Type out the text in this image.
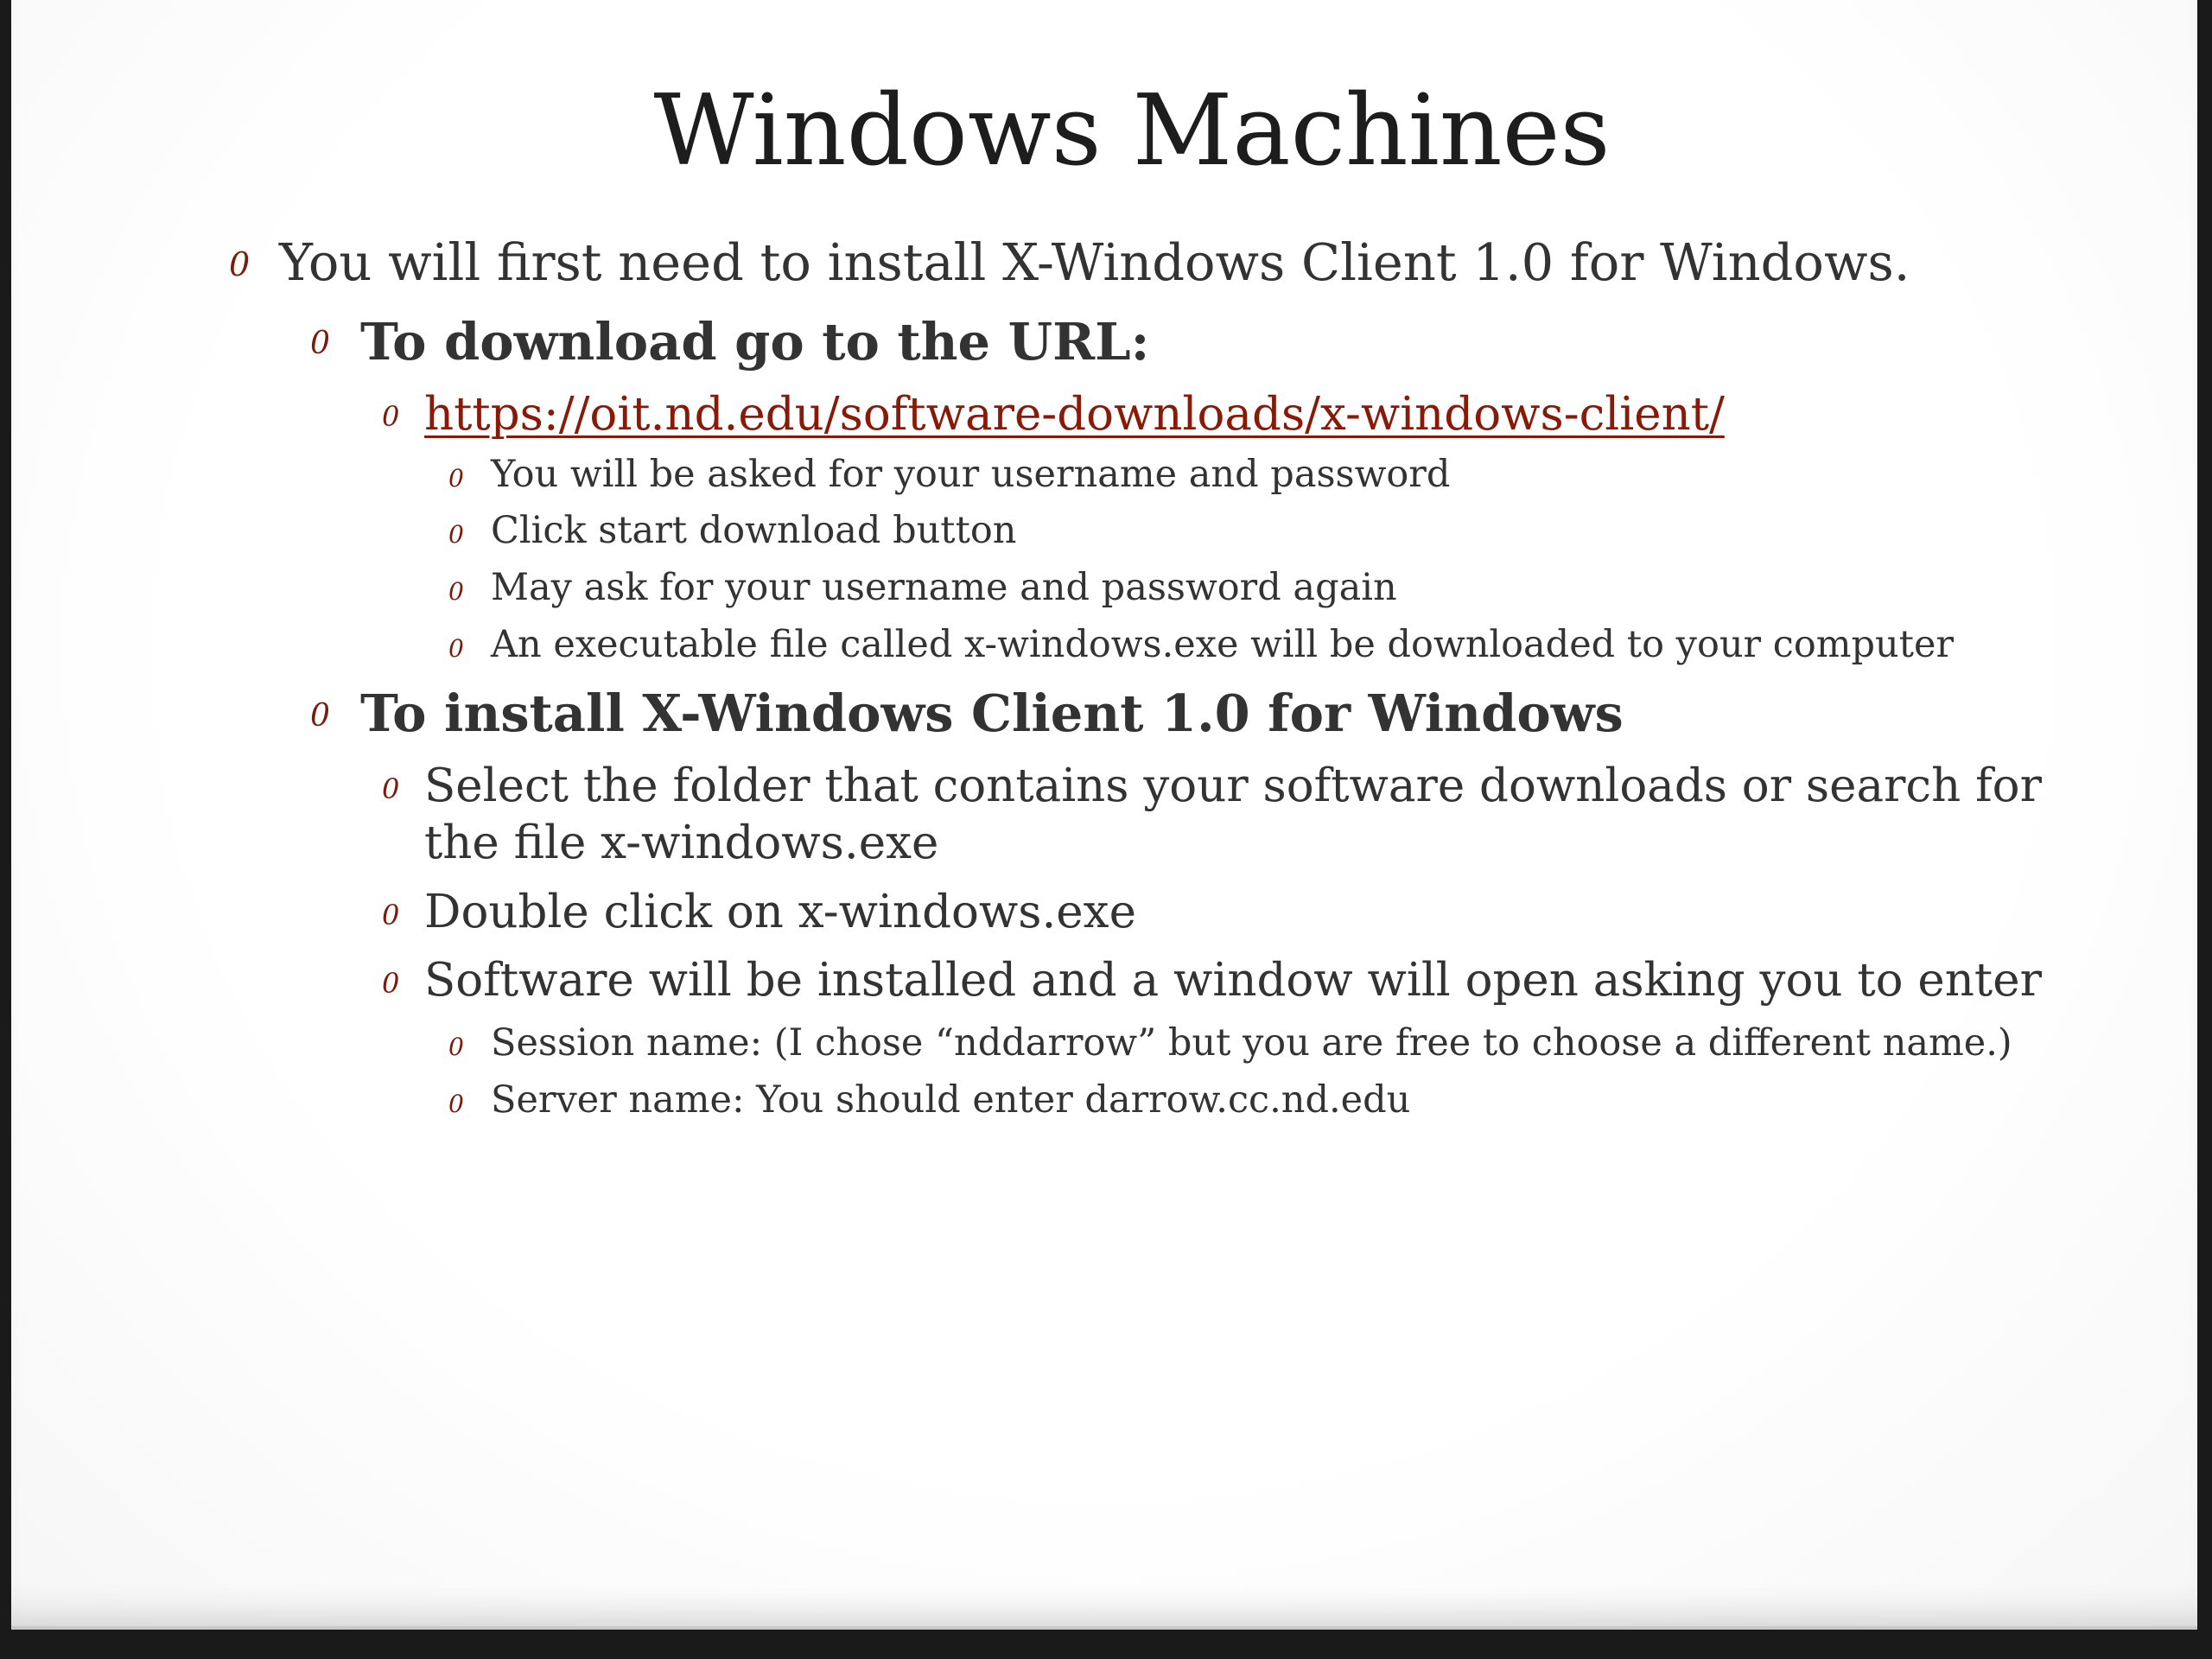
Windows Machines
0 You will first need to install X-Windows Client 1.0 for Windows.
0 To download go to the URL:
0 https://oit.nd.edu/software-downloads/x-windows-client/
0 You will be asked for your username and password
0 Click start download button
0 May ask for your username and password again
0 An executable file called x-windows.exe will be downloaded to your computer
0 To install X-Windows Client 1.0 for Windows
0 Select the folder that contains your software downloads or search for
the file x-windows.exe
0 Double click on x-windows.exe
0 Software will be installed and a window will open asking you to enter
0 Session name: (I chose “nddarrow” but you are free to choose a different name.)
0 Server name: You should enter darrow.cc.nd.edu
